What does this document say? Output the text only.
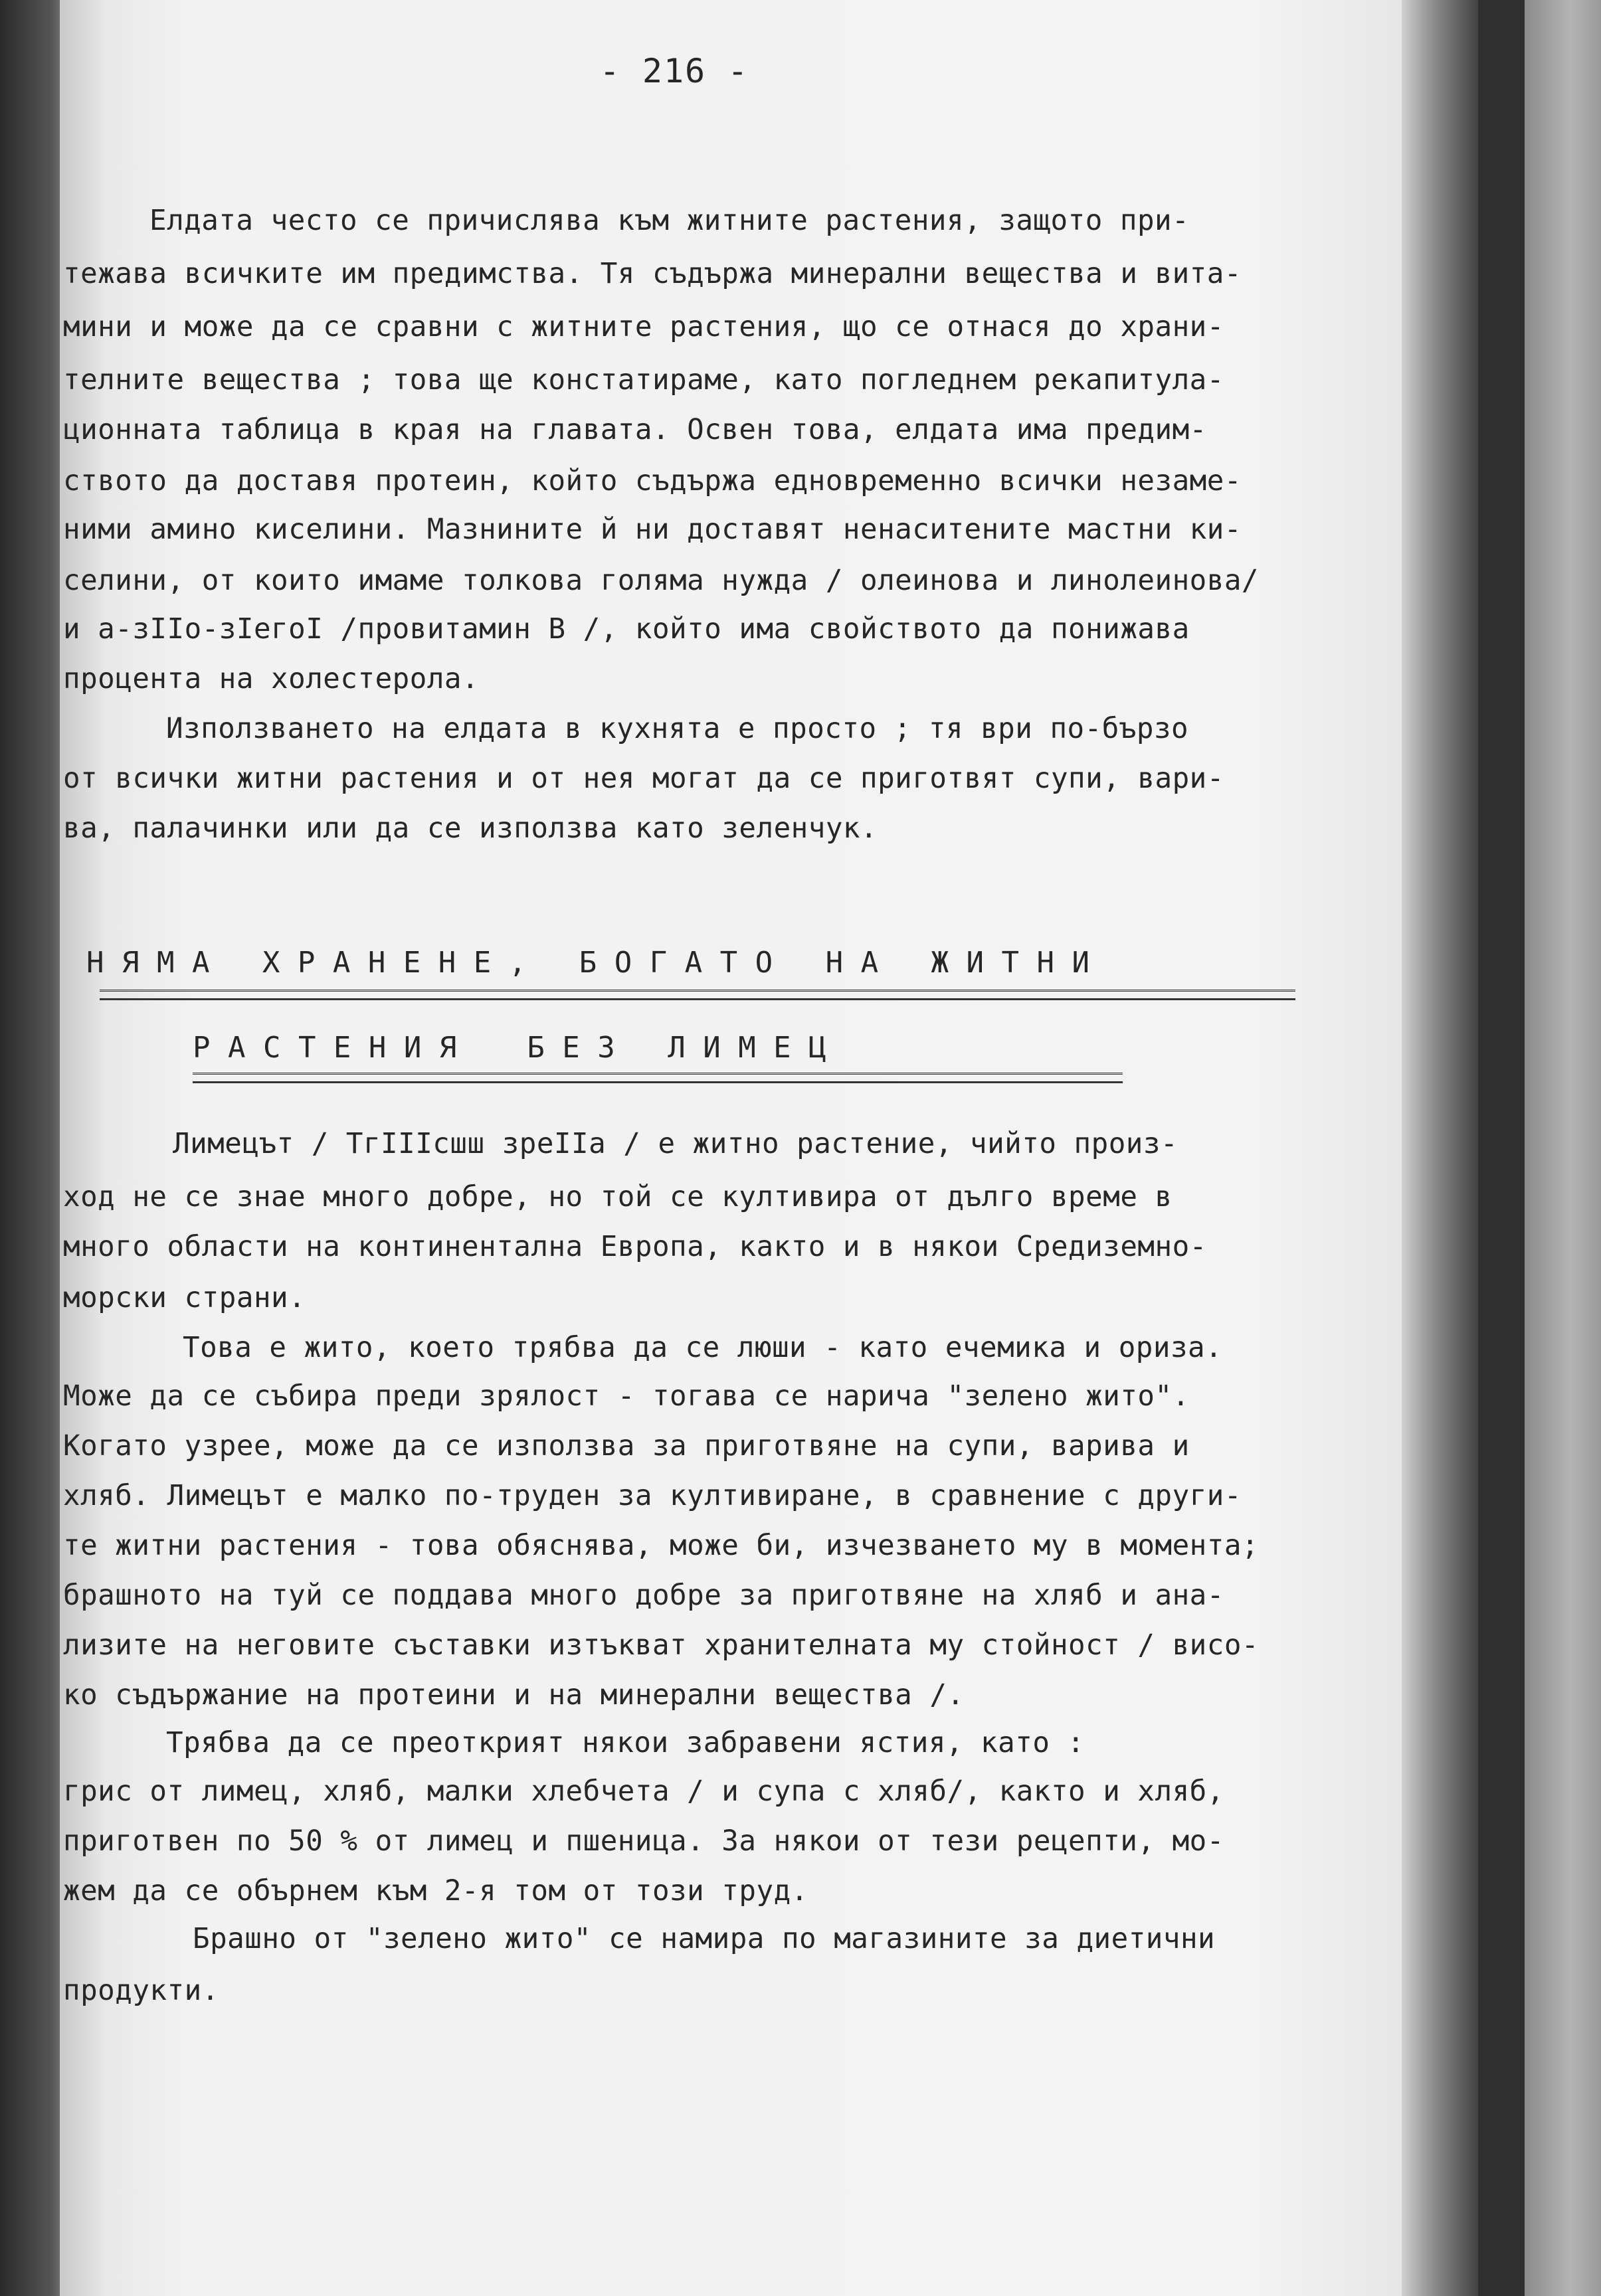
- 216 -
Елдата често се причислява към житните растения, защото при-
тежава всичките им предимства. Тя съдържа минерални вещества и вита-
мини и може да се сравни с житните растения, що се отнася до храни-
телните вещества ; това ще констатираме, като погледнем рекапитула-
ционната таблица в края на главата. Освен това, елдата има предим-
ството да доставя протеин, който съдържа едновременно всички незаме-
ними амино киселини. Мазнините й ни доставят ненаситените мастни ки-
селини, от които имаме толкова голяма нужда / олеинова и линолеинова/
и а-зIIо-зIегоI /провитамин В /, който има свойството да понижава
процента на холестерола.
Използването на елдата в кухнята е просто ; тя ври по-бързо
от всички житни растения и от нея могат да се приготвят супи, вари-
ва, палачинки или да се използва като зеленчук.
Н Я М А   Х Р А Н Е Н Е ,   Б О Г А Т О   Н А   Ж И Т Н И
Р А С Т Е Н И Я    Б Е З   Л И М Е Ц
Лимецът / ТгIIIсшш зреIIа / е житно растение, чийто произ-
ход не се знае много добре, но той се култивира от дълго време в
много области на континентална Европа, както и в някои Средиземно-
морски страни.
Това е жито, което трябва да се люши - като ечемика и ориза.
Може да се събира преди зрялост - тогава се нарича "зелено жито".
Когато узрее, може да се използва за приготвяне на супи, варива и
хляб. Лимецът е малко по-труден за култивиране, в сравнение с други-
те житни растения - това обяснява, може би, изчезването му в момента;
брашното на туй се поддава много добре за приготвяне на хляб и ана-
лизите на неговите съставки изтъкват хранителната му стойност / висо-
ко съдържание на протеини и на минерални вещества /.
Трябва да се преоткрият някои забравени ястия, като :
грис от лимец, хляб, малки хлебчета / и супа с хляб/, както и хляб,
приготвен по 50 % от лимец и пшеница. За някои от тези рецепти, мо-
жем да се обърнем към 2-я том от този труд.
Брашно от "зелено жито" се намира по магазините за диетични
продукти.
